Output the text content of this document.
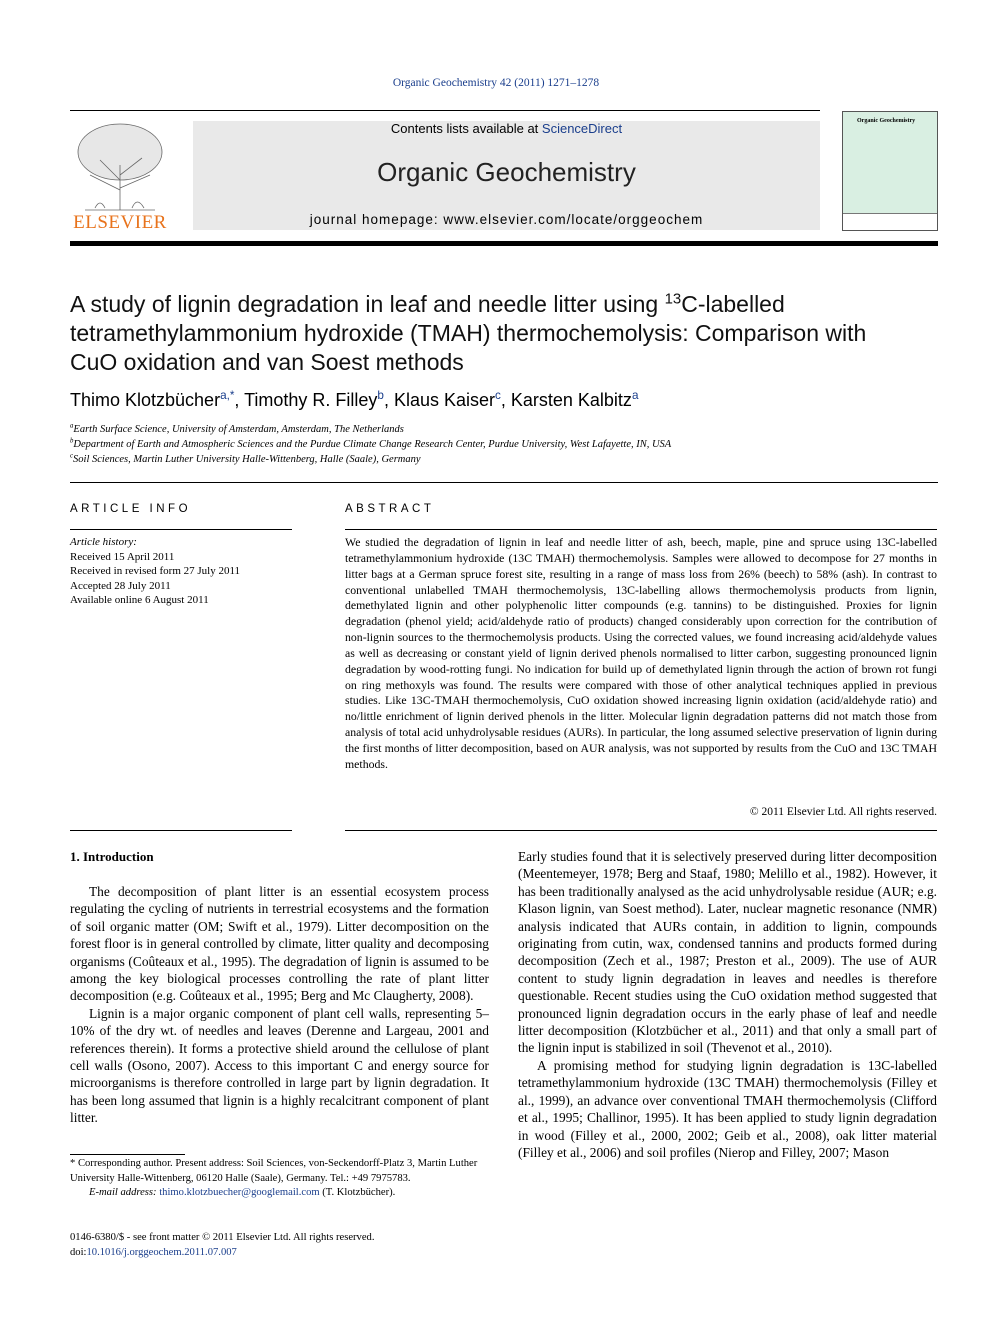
Organic Geochemistry 42 (2011) 1271–1278
ELSEVIER
Contents lists available at ScienceDirect
Organic Geochemistry
journal homepage: www.elsevier.com/locate/orggeochem
Organic Geochemistry
A study of lignin degradation in leaf and needle litter using $^{13}$C-labelled tetramethylammonium hydroxide (TMAH) thermochemolysis: Comparison with CuO oxidation and van Soest methods
Thimo Klotzbücher$^{a,*}$, Timothy R. Filley$^b$, Klaus Kaiser$^c$, Karsten Kalbitz$^a$
$^a$Earth Surface Science, University of Amsterdam, Amsterdam, The Netherlands
$^b$Department of Earth and Atmospheric Sciences and the Purdue Climate Change Research Center, Purdue University, West Lafayette, IN, USA
$^c$Soil Sciences, Martin Luther University Halle-Wittenberg, Halle (Saale), Germany
ARTICLE INFO
Article history:
Received 15 April 2011
Received in revised form 27 July 2011
Accepted 28 July 2011
Available online 6 August 2011
ABSTRACT
We studied the degradation of lignin in leaf and needle litter of ash, beech, maple, pine and spruce using 13C-labelled tetramethylammonium hydroxide (13C TMAH) thermochemolysis. Samples were allowed to decompose for 27 months in litter bags at a German spruce forest site, resulting in a range of mass loss from 26% (beech) to 58% (ash). In contrast to conventional unlabelled TMAH thermochemolysis, 13C-labelling allows thermochemolysis products from lignin, demethylated lignin and other polyphenolic litter compounds (e.g. tannins) to be distinguished. Proxies for lignin degradation (phenol yield; acid/aldehyde ratio of products) changed considerably upon correction for the contribution of non-lignin sources to the thermochemolysis products. Using the corrected values, we found increasing acid/aldehyde values as well as decreasing or constant yield of lignin derived phenols normalised to litter carbon, suggesting pronounced lignin degradation by wood-rotting fungi. No indication for build up of demethylated lignin through the action of brown rot fungi on ring methoxyls was found. The results were compared with those of other analytical techniques applied in previous studies. Like 13C-TMAH thermochemolysis, CuO oxidation showed increasing lignin oxidation (acid/aldehyde ratio) and no/little enrichment of lignin derived phenols in the litter. Molecular lignin degradation patterns did not match those from analysis of total acid unhydrolysable residues (AURs). In particular, the long assumed selective preservation of lignin during the first months of litter decomposition, based on AUR analysis, was not supported by results from the CuO and 13C TMAH methods.
© 2011 Elsevier Ltd. All rights reserved.
1. Introduction

The decomposition of plant litter is an essential ecosystem process regulating the cycling of nutrients in terrestrial ecosystems and the formation of soil organic matter (OM; Swift et al., 1979). Litter decomposition on the forest floor is in general controlled by climate, litter quality and decomposing organisms (Coûteaux et al., 1995). The degradation of lignin is assumed to be among the key biological processes controlling the rate of plant litter decomposition (e.g. Coûteaux et al., 1995; Berg and Mc Claugherty, 2008).

Lignin is a major organic component of plant cell walls, representing 5–10% of the dry wt. of needles and leaves (Derenne and Largeau, 2001 and references therein). It forms a protective shield around the cellulose of plant cell walls (Osono, 2007). Access to this important C and energy source for microorganisms is therefore controlled in large part by lignin degradation. It has been long assumed that lignin is a highly recalcitrant component of plant litter.

Early studies found that it is selectively preserved during litter decomposition (Meentemeyer, 1978; Berg and Staaf, 1980; Melillo et al., 1982). However, it has been traditionally analysed as the acid unhydrolysable residue (AUR; e.g. Klason lignin, van Soest method). Later, nuclear magnetic resonance (NMR) analysis indicated that AURs contain, in addition to lignin, compounds originating from cutin, wax, condensed tannins and products formed during decomposition (Zech et al., 1987; Preston et al., 2009). The use of AUR content to study lignin degradation in leaves and needles is therefore questionable. Recent studies using the CuO oxidation method suggested that pronounced lignin degradation occurs in the early phase of leaf and needle litter decomposition (Klotzbücher et al., 2011) and that only a small part of the lignin input is stabilized in soil (Thevenot et al., 2010).

A promising method for studying lignin degradation is 13C-labelled tetramethylammonium hydroxide (13C TMAH) thermochemolysis (Filley et al., 1999), an advance over conventional TMAH thermochemolysis (Clifford et al., 1995; Challinor, 1995). It has been applied to study lignin degradation in wood (Filley et al., 2000, 2002; Geib et al., 2008), oak litter material (Filley et al., 2006) and soil profiles (Nierop and Filley, 2007; Mason

* Corresponding author. Present address: Soil Sciences, von-Seckendorff-Platz 3, Martin Luther University Halle-Wittenberg, 06120 Halle (Saale), Germany. Tel.: +49 7975783.
E-mail address: thimo.klotzbuecher@googlemail.com (T. Klotzbücher).
0146-6380/$ - see front matter © 2011 Elsevier Ltd. All rights reserved.
doi:10.1016/j.orggeochem.2011.07.007
